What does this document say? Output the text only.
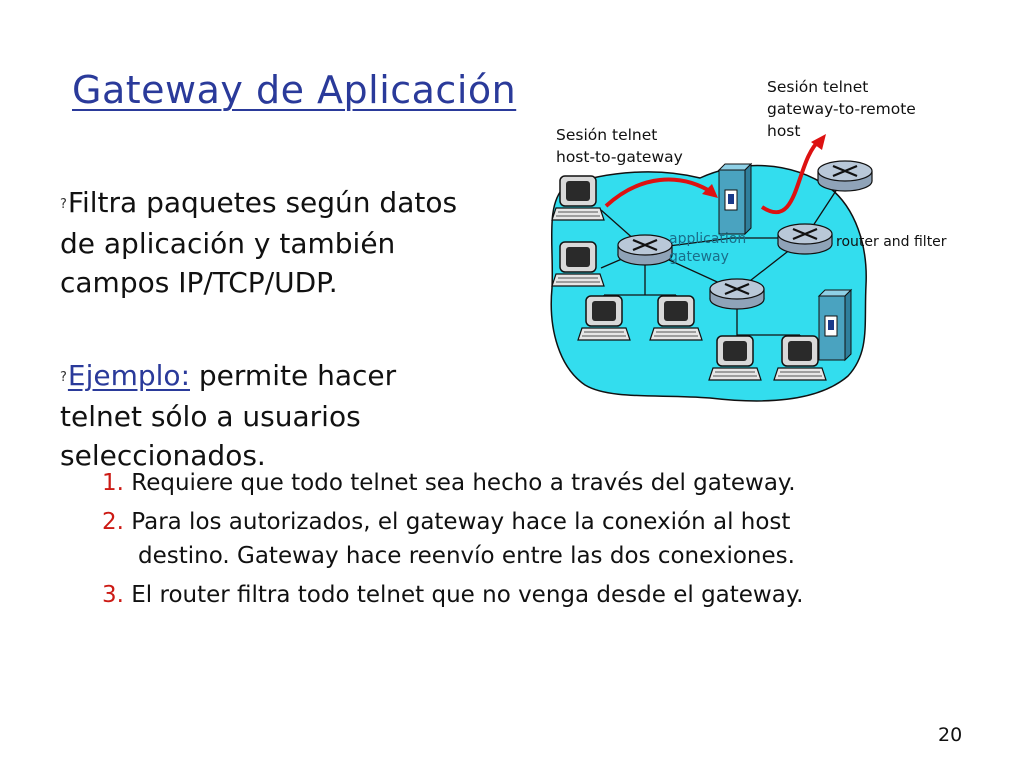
Gateway de Aplicación
?Filtra paquetes según datos de aplicación y también campos IP/TCP/UDP.
?Ejemplo: permite hacer telnet sólo a usuarios seleccionados.
1. Requiere que todo telnet sea hecho a través del gateway.
2. Para los autorizados, el gateway hace la conexión al host
destino. Gateway hace reenvío entre las dos conexiones.
3. El router filtra todo telnet que no venga desde el gateway.
Sesión telnet
gateway-to-remote
host
Sesión telnet
host-to-gateway
application
gateway
router and filter
20
